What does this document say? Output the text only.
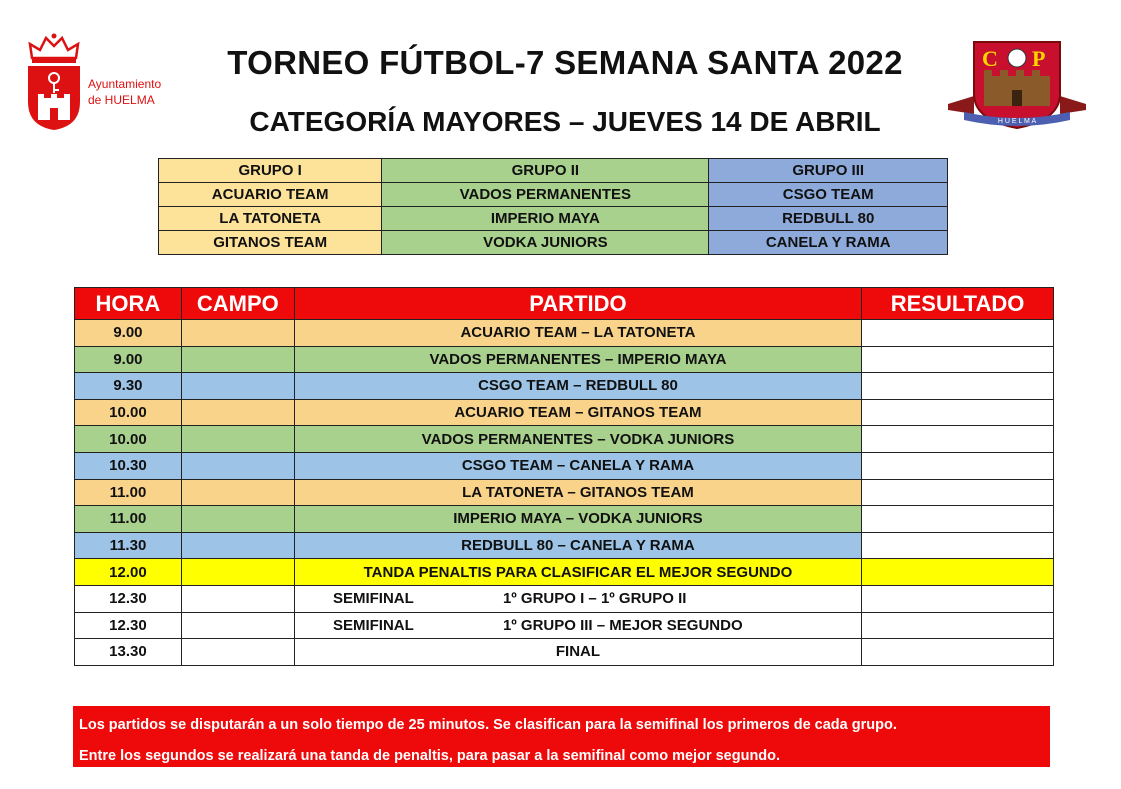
Ayuntamiento
de HUELMA
C P
H U E L M A
TORNEO FÚTBOL-7 SEMANA SANTA 2022
CATEGORÍA MAYORES – JUEVES 14 DE ABRIL
GRUPO I	GRUPO II	GRUPO III
ACUARIO TEAM	VADOS PERMANENTES	CSGO TEAM
LA TATONETA	IMPERIO MAYA	REDBULL 80
GITANOS TEAM	VODKA JUNIORS	CANELA Y RAMA
HORA	CAMPO	PARTIDO	RESULTADO
9.00		ACUARIO TEAM – LA TATONETA	
9.00		VADOS PERMANENTES – IMPERIO MAYA	
9.30		CSGO TEAM – REDBULL 80	
10.00		ACUARIO TEAM – GITANOS TEAM	
10.00		VADOS PERMANENTES – VODKA JUNIORS	
10.30		CSGO TEAM – CANELA Y RAMA	
11.00		LA TATONETA – GITANOS TEAM	
11.00		IMPERIO MAYA – VODKA JUNIORS	
11.30		REDBULL 80 – CANELA Y RAMA	
12.00		TANDA PENALTIS PARA CLASIFICAR EL MEJOR SEGUNDO	
12.30		SEMIFINAL 1º GRUPO I – 1º GRUPO II	
12.30		SEMIFINAL 1º GRUPO III – MEJOR SEGUNDO	
13.30		FINAL	

Los partidos se disputarán a un solo tiempo de 25 minutos. Se clasifican para la semifinal los primeros de cada grupo.

Entre los segundos se realizará una tanda de penaltis, para pasar a la semifinal como mejor segundo.
